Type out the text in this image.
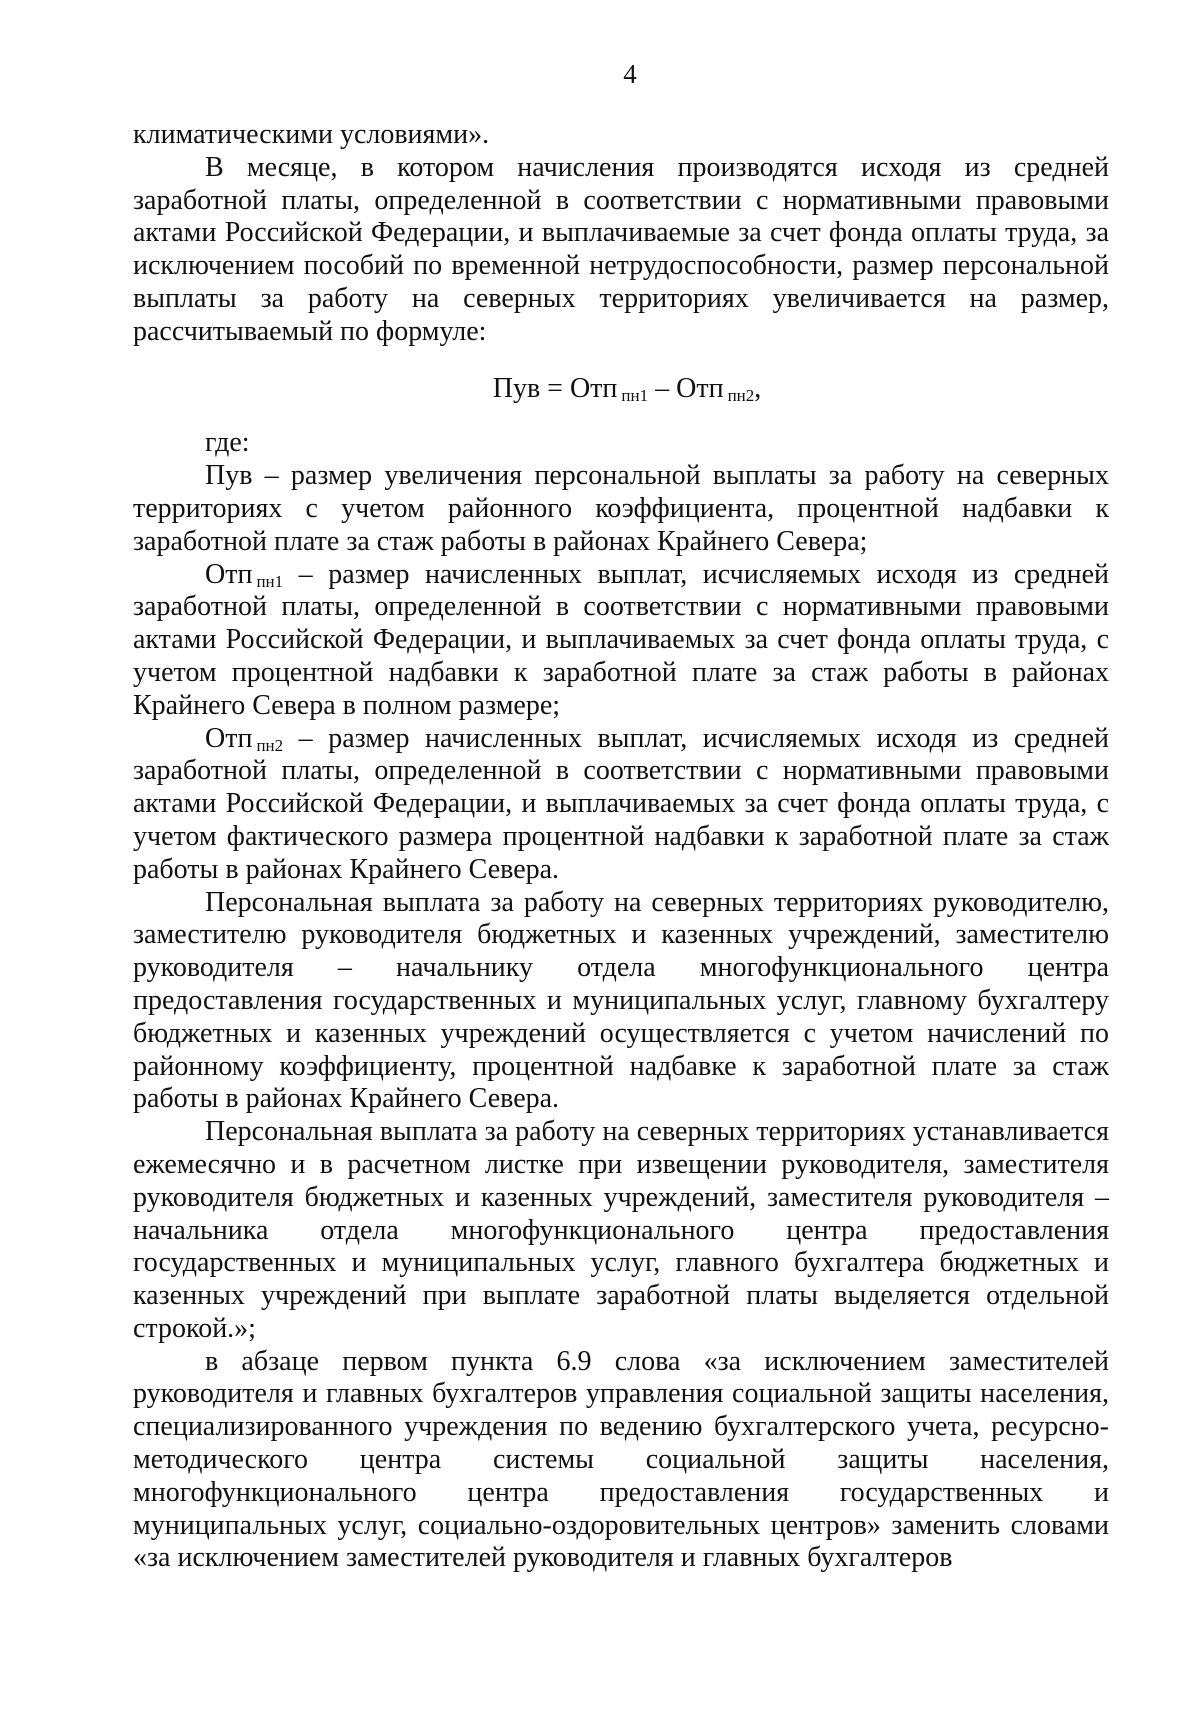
4

климатическими условиями».

В месяце, в котором начисления производятся исходя из средней заработной платы, определенной в соответствии с нормативными правовыми актами Российской Федерации, и выплачиваемые за счет фонда оплаты труда, за исключением пособий по временной нетрудоспособности, размер персональной выплаты за работу на северных территориях увеличивается на размер, рассчитываемый по формуле:

Пув = Отп $_{пн1}$ – Отп $_{пн2}$,

где:

Пув – размер увеличения персональной выплаты за работу на северных территориях с учетом районного коэффициента, процентной надбавки к заработной плате за стаж работы в районах Крайнего Севера;

Отп $_{пн1}$ – размер начисленных выплат, исчисляемых исходя из средней заработной платы, определенной в соответствии с нормативными правовыми актами Российской Федерации, и выплачиваемых за счет фонда оплаты труда, с учетом процентной надбавки к заработной плате за стаж работы в районах Крайнего Севера в полном размере;

Отп $_{пн2}$ – размер начисленных выплат, исчисляемых исходя из средней заработной платы, определенной в соответствии с нормативными правовыми актами Российской Федерации, и выплачиваемых за счет фонда оплаты труда, с учетом фактического размера процентной надбавки к заработной плате за стаж работы в районах Крайнего Севера.

Персональная выплата за работу на северных территориях руководителю, заместителю руководителя бюджетных и казенных учреждений, заместителю руководителя – начальнику отдела многофункционального центра предоставления государственных и муниципальных услуг, главному бухгалтеру бюджетных и казенных учреждений осуществляется с учетом начислений по районному коэффициенту, процентной надбавке к заработной плате за стаж работы в районах Крайнего Севера.

Персональная выплата за работу на северных территориях устанавливается ежемесячно и в расчетном листке при извещении руководителя, заместителя руководителя бюджетных и казенных учреждений, заместителя руководителя – начальника отдела многофункционального центра предоставления государственных и муниципальных услуг, главного бухгалтера бюджетных и казенных учреждений при выплате заработной платы выделяется отдельной строкой.»;

в абзаце первом пункта 6.9 слова «за исключением заместителей руководителя и главных бухгалтеров управления социальной защиты населения, специализированного учреждения по ведению бухгалтерского учета, ресурсно-методического центра системы социальной защиты населения, многофункционального центра предоставления государственных и муниципальных услуг, социально-оздоровительных центров» заменить словами «за исключением заместителей руководителя и главных бухгалтеров
